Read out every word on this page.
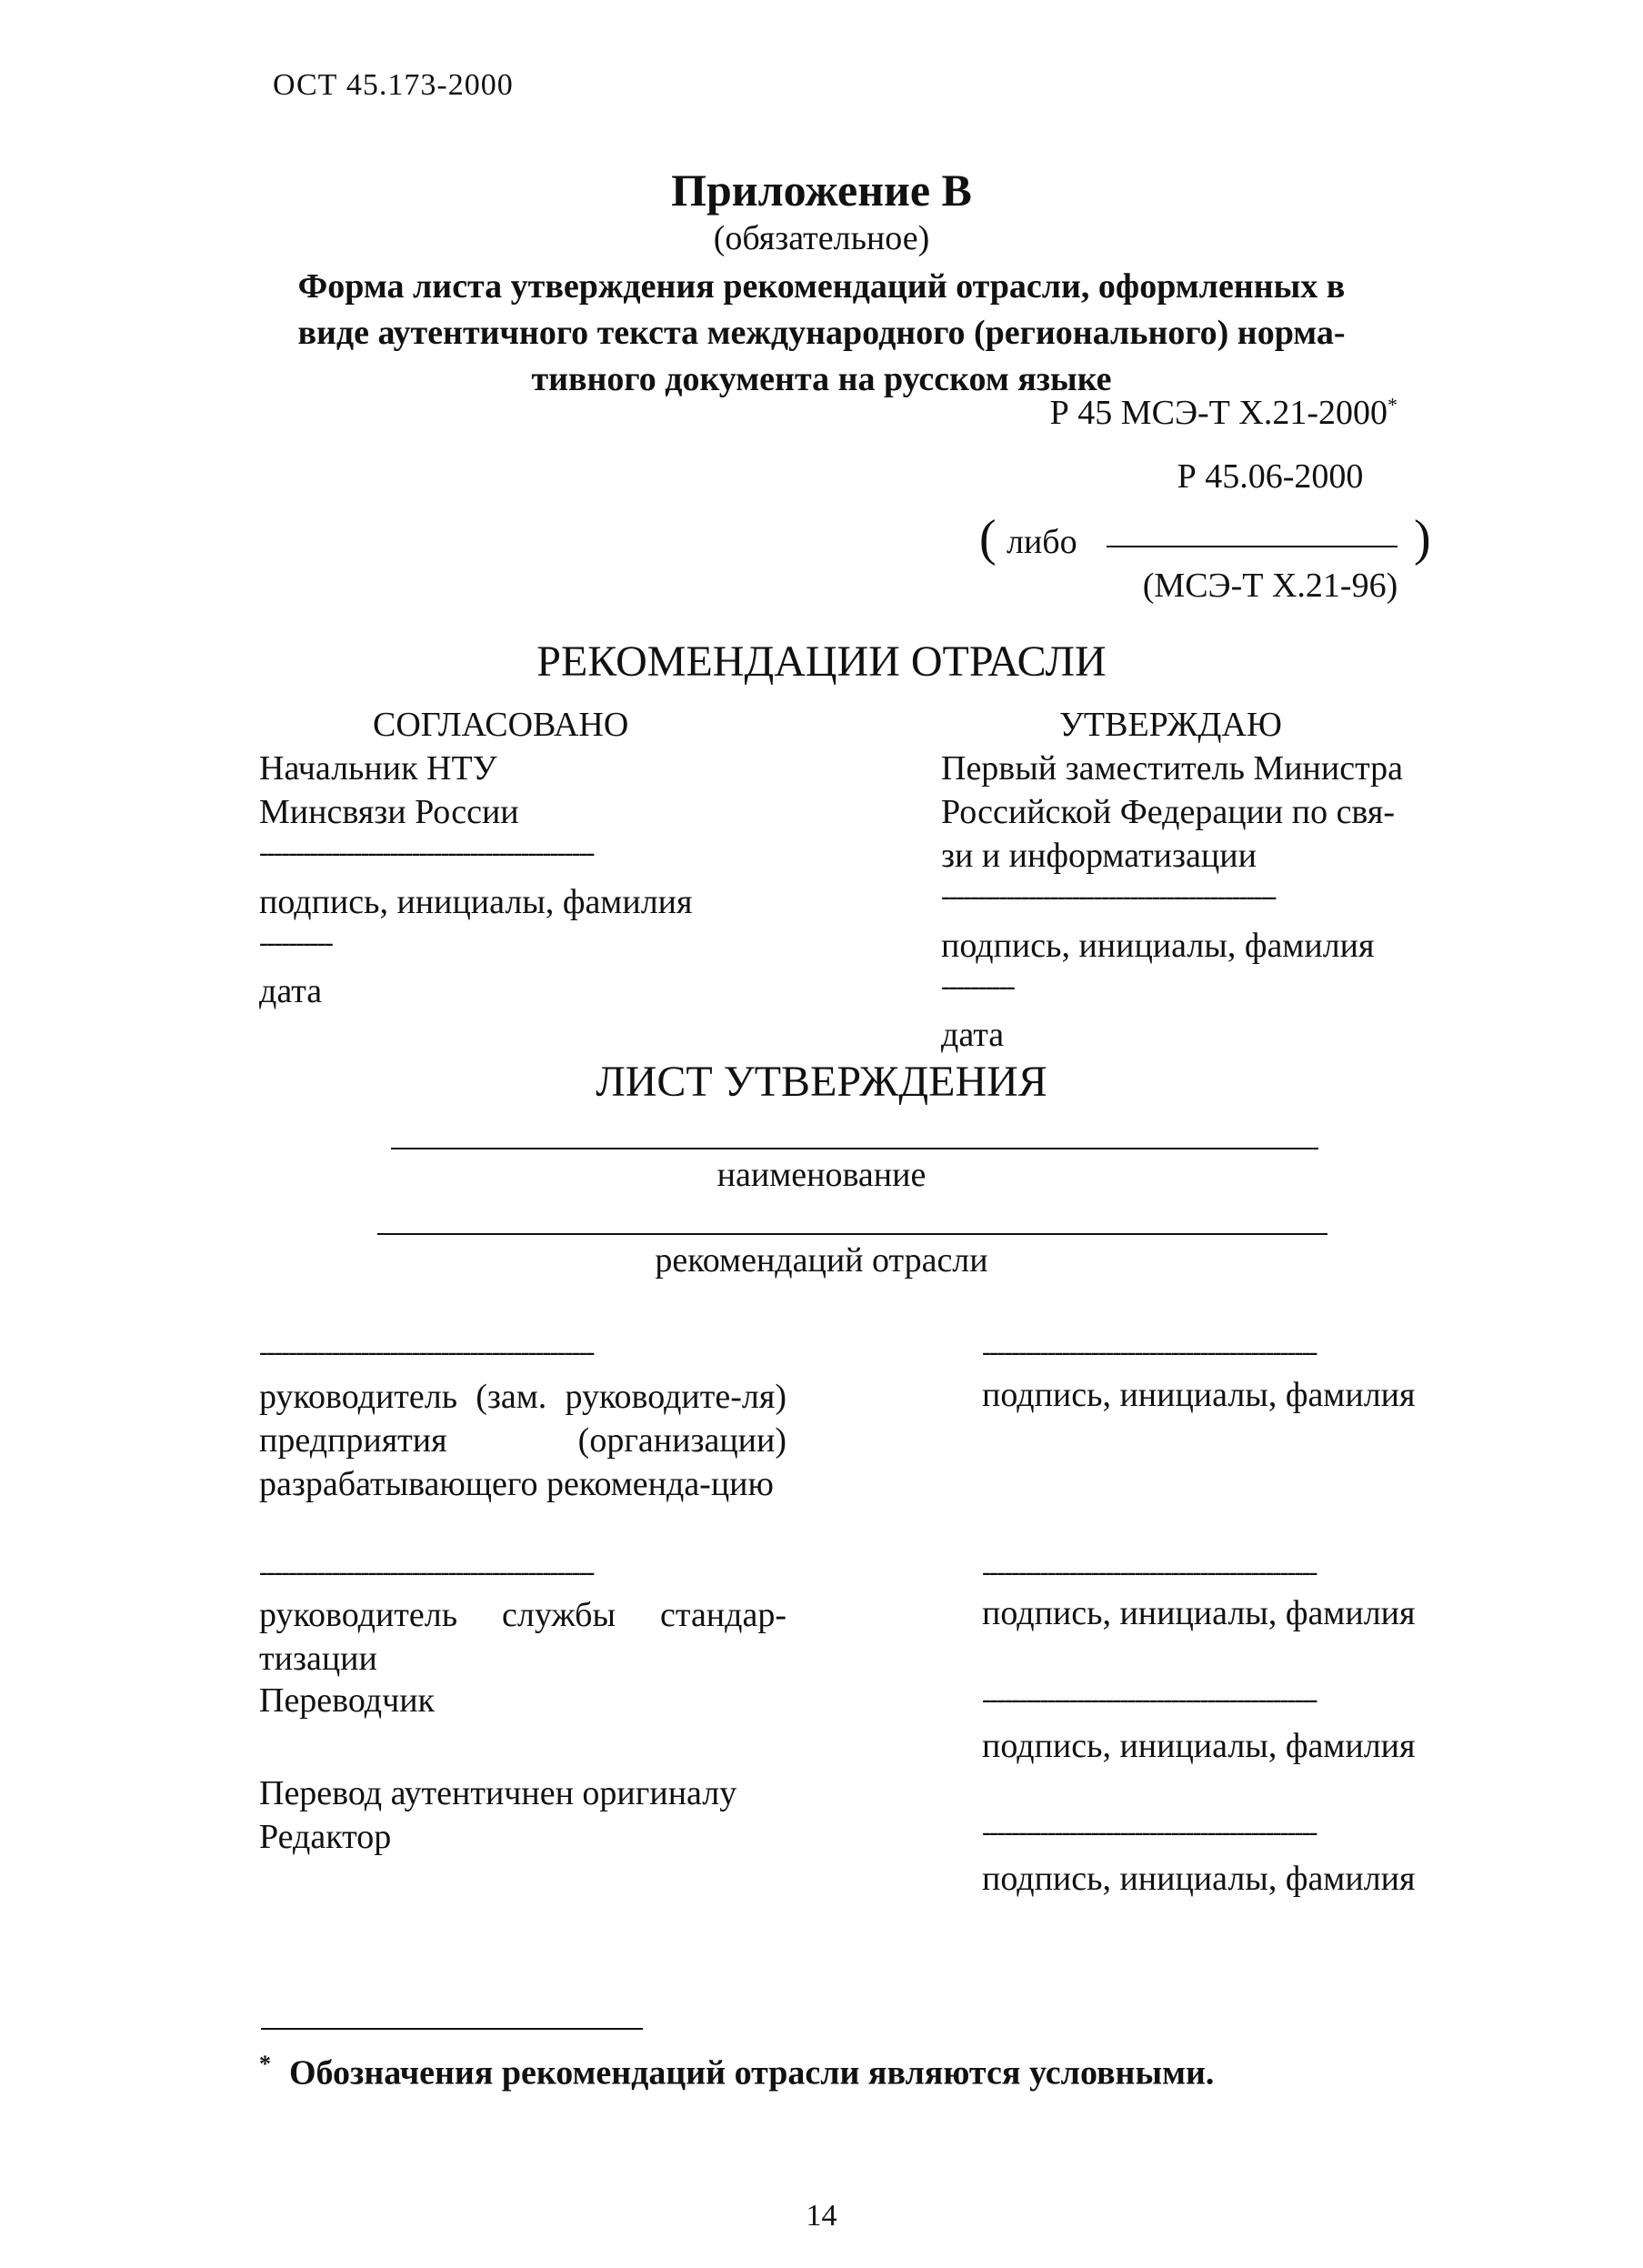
ОСТ 45.173-2000
Приложение В
(обязательное)
Форма листа утверждения рекомендаций отрасли, оформленных в
виде аутентичного текста международного (регионального) норма-
тивного документа на русском языке
Р 45 МСЭ-Т Х.21-2000*
( либо
Р 45.06-2000
(МСЭ-Т Х.21-96)
)
РЕКОМЕНДАЦИИ ОТРАСЛИ
СОГЛАСОВАНО
Начальник НТУ
Минсвязи России
----------------------------------------------
подпись, инициалы, фамилия
----------
дата
УТВЕРЖДАЮ
Первый заместитель Министра
Российской Федерации по свя-
зи и информатизации
----------------------------------------------
подпись, инициалы, фамилия
----------
дата
ЛИСТ УТВЕРЖДЕНИЯ
наименование
рекомендаций отрасли
----------------------------------------------	----------------------------------------------
руководитель (зам. руководите-ля) предприятия (организации) разрабатывающего рекоменда-цию
подпись, инициалы, фамилия
----------------------------------------------	----------------------------------------------
руководитель службы стандар-тизации
подпись, инициалы, фамилия
Переводчик	----------------------------------------------
подпись, инициалы, фамилия
Перевод аутентичнен оригиналу
Редактор	----------------------------------------------
подпись, инициалы, фамилия
* Обозначения рекомендаций отрасли являются условными.
14
